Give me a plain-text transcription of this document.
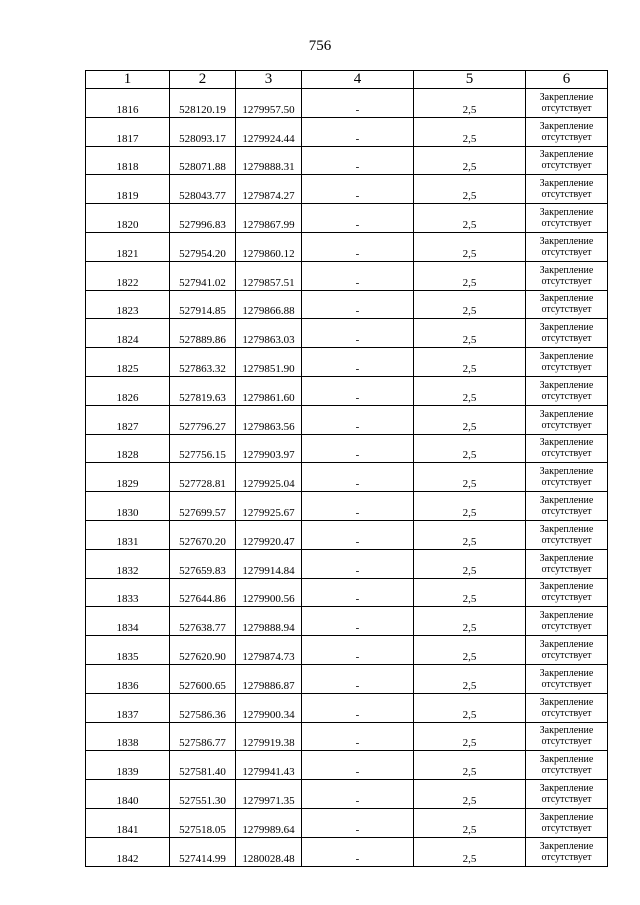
756
1	2	3	4	5	6
1816	528120.19	1279957.50	-	2,5	Закрепление
отсутствует

1817	528093.17	1279924.44	-	2,5	Закрепление
отсутствует

1818	528071.88	1279888.31	-	2,5	Закрепление
отсутствует

1819	528043.77	1279874.27	-	2,5	Закрепление
отсутствует

1820	527996.83	1279867.99	-	2,5	Закрепление
отсутствует

1821	527954.20	1279860.12	-	2,5	Закрепление
отсутствует

1822	527941.02	1279857.51	-	2,5	Закрепление
отсутствует

1823	527914.85	1279866.88	-	2,5	Закрепление
отсутствует

1824	527889.86	1279863.03	-	2,5	Закрепление
отсутствует

1825	527863.32	1279851.90	-	2,5	Закрепление
отсутствует

1826	527819.63	1279861.60	-	2,5	Закрепление
отсутствует

1827	527796.27	1279863.56	-	2,5	Закрепление
отсутствует

1828	527756.15	1279903.97	-	2,5	Закрепление
отсутствует

1829	527728.81	1279925.04	-	2,5	Закрепление
отсутствует

1830	527699.57	1279925.67	-	2,5	Закрепление
отсутствует

1831	527670.20	1279920.47	-	2,5	Закрепление
отсутствует

1832	527659.83	1279914.84	-	2,5	Закрепление
отсутствует

1833	527644.86	1279900.56	-	2,5	Закрепление
отсутствует

1834	527638.77	1279888.94	-	2,5	Закрепление
отсутствует

1835	527620.90	1279874.73	-	2,5	Закрепление
отсутствует

1836	527600.65	1279886.87	-	2,5	Закрепление
отсутствует

1837	527586.36	1279900.34	-	2,5	Закрепление
отсутствует

1838	527586.77	1279919.38	-	2,5	Закрепление
отсутствует

1839	527581.40	1279941.43	-	2,5	Закрепление
отсутствует

1840	527551.30	1279971.35	-	2,5	Закрепление
отсутствует

1841	527518.05	1279989.64	-	2,5	Закрепление
отсутствует

1842	527414.99	1280028.48	-	2,5	Закрепление
отсутствует
